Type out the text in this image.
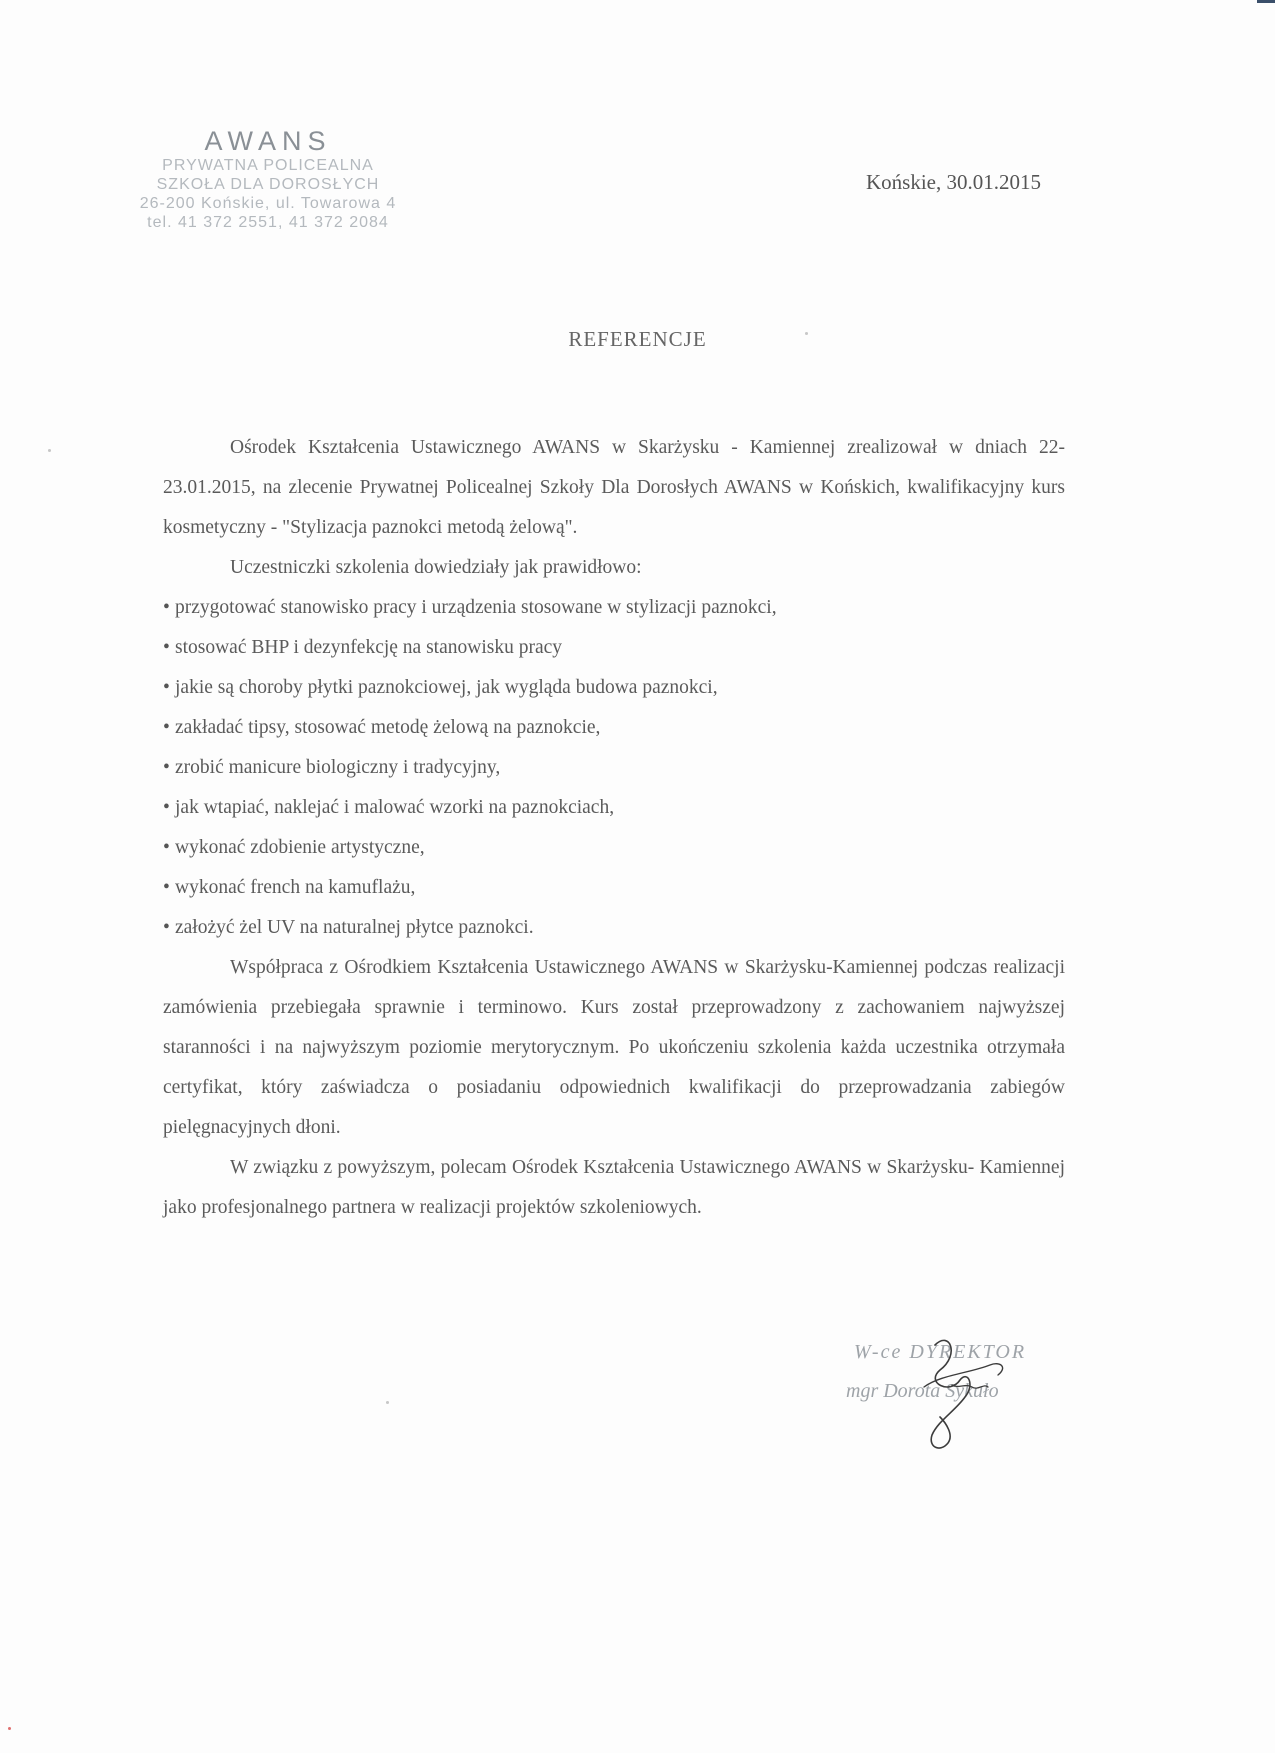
AWANS
PRYWATNA POLICEALNA
SZKOŁA DLA DOROSŁYCH
26-200 Końskie, ul. Towarowa 4
tel. 41 372 2551, 41 372 2084
Końskie, 30.01.2015
REFERENCJE

Ośrodek Kształcenia Ustawicznego AWANS w Skarżysku - Kamiennej zrealizował w dniach 22-23.01.2015, na zlecenie Prywatnej Policealnej Szkoły Dla Dorosłych AWANS w Końskich, kwalifikacyjny kurs kosmetyczny - "Stylizacja paznokci metodą żelową".

Uczestniczki szkolenia dowiedziały jak prawidłowo:

• przygotować stanowisko pracy i urządzenia stosowane w stylizacji paznokci,
• stosować BHP i dezynfekcję na stanowisku pracy
• jakie są choroby płytki paznokciowej, jak wygląda budowa paznokci,
• zakładać tipsy, stosować metodę żelową na paznokcie,
• zrobić manicure biologiczny i tradycyjny,
• jak wtapiać, naklejać i malować wzorki na paznokciach,
• wykonać zdobienie artystyczne,
• wykonać french na kamuflażu,
• założyć żel UV na naturalnej płytce paznokci.

Współpraca z Ośrodkiem Kształcenia Ustawicznego AWANS w Skarżysku-Kamiennej podczas realizacji zamówienia przebiegała sprawnie i terminowo. Kurs został przeprowadzony z zachowaniem najwyższej staranności i na najwyższym poziomie merytorycznym. Po ukończeniu szkolenia każda uczestnika otrzymała certyfikat, który zaświadcza o posiadaniu odpowiednich kwalifikacji do przeprowadzania zabiegów pielęgnacyjnych dłoni.

W związku z powyższym, polecam Ośrodek Kształcenia Ustawicznego AWANS w Skarżysku- Kamiennej jako profesjonalnego partnera w realizacji projektów szkoleniowych.

W-ce DYREKTOR
mgr Dorota Sykuło
